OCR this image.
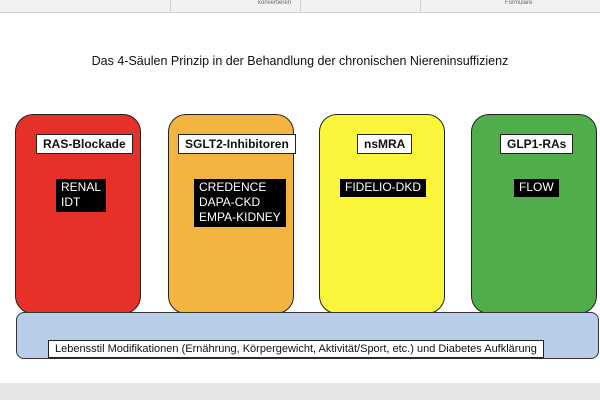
konvertieren	Formulare
Das 4-Säulen Prinzip in der Behandlung der chronischen Niereninsuffizienz
RAS-Blockade
RENAL
IDT
SGLT2-Inhibitoren
CREDENCE
DAPA-CKD
EMPA-KIDNEY
nsMRA
FIDELIO-DKD
GLP1-RAs
FLOW
Lebensstil Modifikationen (Ernährung, Körpergewicht, Aktivität/Sport, etc.) und Diabetes Aufklärung
